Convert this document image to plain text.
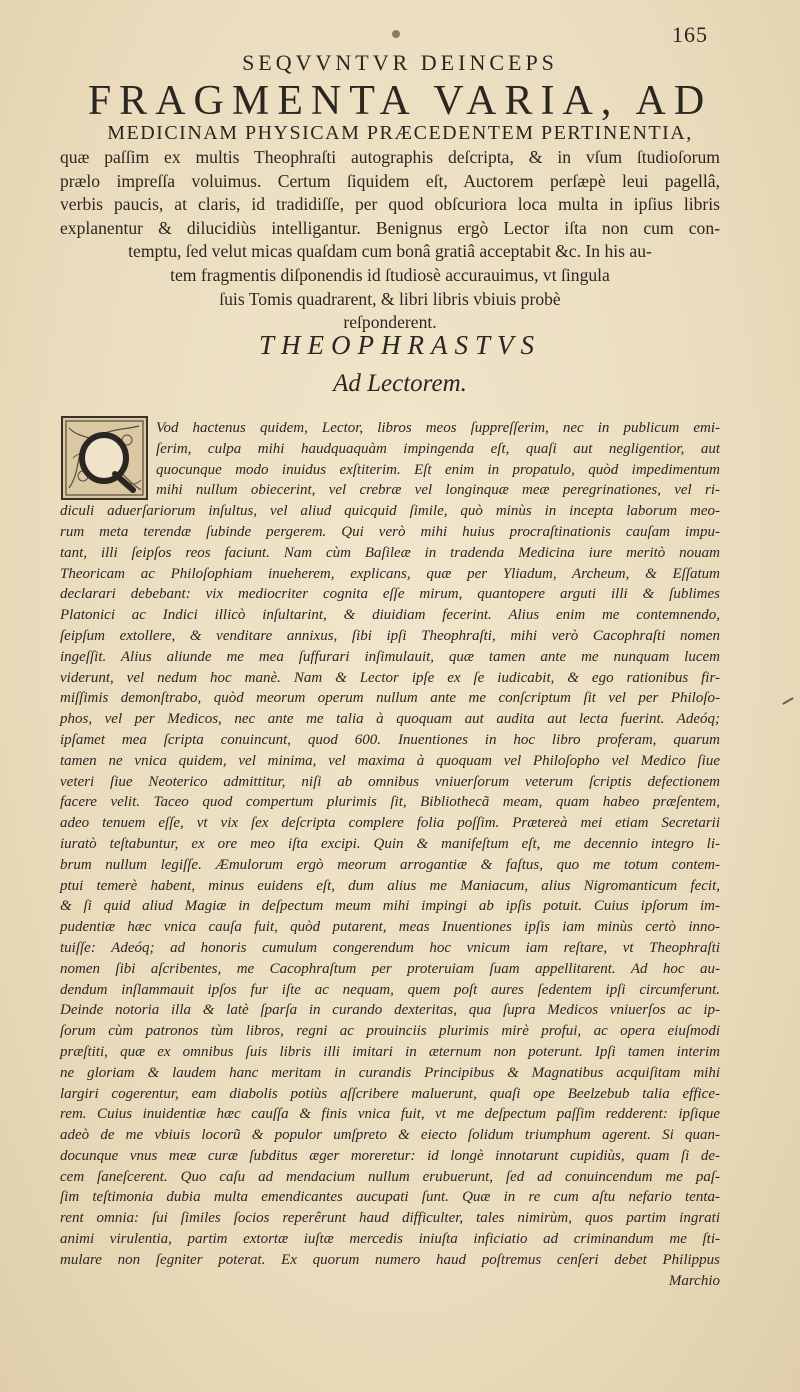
165
SEQVVNTVR DEINCEPS
FRAGMENTA VARIA, AD
MEDICINAM PHYSICAM PRÆCEDENTEM PERTINENTIA,
quæ paſſim ex multis Theophraſti autographis deſcripta, & in vſum ſtudioſorum
prælo impreſſa voluimus. Certum ſiquidem eſt, Auctorem perſæpè leui pagellâ,
verbis paucis, at claris, id tradidiſſe, per quod obſcuriora loca multa in ipſius libris
explanentur & dilucidiùs intelligantur. Benignus ergò Lector iſta non cum con-
temptu, ſed velut micas quaſdam cum bonâ gratiâ acceptabit &c. In his au-
tem fragmentis diſponendis id ſtudiosè accurauimus, vt ſingula
ſuis Tomis quadrarent, & libri libris vbiuis probè
reſponderent.
THEOPHRASTVS
Ad Lectorem.
Vod hactenus quidem, Lector, libros meos ſuppreſſerim, nec in publicum emi-
ſerim, culpa mihi haudquaquàm impingenda eſt, quaſi aut negligentior, aut
quocunque modo inuidus exſtiterim. Eſt enim in propatulo, quòd impedimentum
mihi nullum obiecerint, vel crebræ vel longinquæ meæ peregrinationes, vel ri-
diculi aduerſariorum inſultus, vel aliud quicquid ſimile, quò minùs in incepta laborum meo-
rum meta terendæ ſubinde pergerem. Qui verò mihi huius procraſtinationis cauſam impu-
tant, illi ſeipſos reos faciunt. Nam cùm Baſileæ in tradenda Medicina iure meritò nouam
Theoricam ac Philoſophiam inueherem, explicans, quæ per Yliadum, Archeum, & Eſſatum
declarari debebant: vix mediocriter cognita eſſe mirum, quantopere arguti illi & ſublimes
Platonici ac Indici illicò inſultarint, & diuidiam fecerint. Alius enim me contemnendo,
ſeipſum extollere, & venditare annixus, ſibi ipſi Theophraſti, mihi verò Cacophraſti nomen
ingeſſit. Alius aliunde me mea ſuffurari inſimulauit, quæ tamen ante me nunquam lucem
viderunt, vel nedum hoc manè. Nam & Lector ipſe ex ſe iudicabit, & ego rationibus fir-
miſſimis demonſtrabo, quòd meorum operum nullum ante me conſcriptum ſit vel per Philoſo-
phos, vel per Medicos, nec ante me talia à quoquam aut audita aut lecta fuerint. Adeóq;
ipſamet mea ſcripta conuincunt, quod 600. Inuentiones in hoc libro proferam, quarum
tamen ne vnica quidem, vel minima, vel maxima à quoquam vel Philoſopho vel Medico ſiue
veteri ſiue Neoterico admittitur, niſi ab omnibus vniuerſorum veterum ſcriptis defectionem
facere velit. Taceo quod compertum plurimis ſit, Bibliothecã meam, quam habeo præſentem,
adeo tenuem eſſe, vt vix ſex deſcripta complere folia poſſim. Prætereà mei etiam Secretarii
iuratò teſtabuntur, ex ore meo iſta excipi. Quin & manifeſtum eſt, me decennio integro li-
brum nullum legiſſe. Æmulorum ergò meorum arrogantiæ & faſtus, quo me totum contem-
ptui temerè habent, minus euidens eſt, dum alius me Maniacum, alius Nigromanticum fecit,
& ſi quid aliud Magiæ in deſpectum meum mihi impingi ab ipſis potuit. Cuius ipſorum im-
pudentiæ hæc vnica cauſa fuit, quòd putarent, meas Inuentiones ipſis iam minùs certò inno-
tuiſſe: Adeóq; ad honoris cumulum congerendum hoc vnicum iam reſtare, vt Theophraſti
nomen ſibi aſcribentes, me Cacophraſtum per proteruiam ſuam appellitarent. Ad hoc au-
dendum inſlammauit ipſos fur iſte ac nequam, quem poſt aures ſedentem ipſi circumferunt.
Deinde notoria illa & latè ſparſa in curando dexteritas, qua ſupra Medicos vniuerſos ac ip-
ſorum cùm patronos tùm libros, regni ac prouinciis plurimis mirè profui, ac opera eiuſmodi
præſtiti, quæ ex omnibus ſuis libris illi imitari in æternum non poterunt. Ipſi tamen interim
ne gloriam & laudem hanc meritam in curandis Principibus & Magnatibus acquiſitam mihi
largiri cogerentur, eam diabolis potiùs aſſcribere maluerunt, quaſi ope Beelzebub talia effice-
rem. Cuius inuidentiæ hæc cauſſa & finis vnica fuit, vt me deſpectum paſſim redderent: ipſique
adeò de me vbiuis locorũ & populor umſpreto & eiecto ſolidum triumphum agerent. Si quan-
docunque vnus meæ curæ ſubditus æger moreretur: id longè innotarunt cupidiùs, quam ſi de-
cem ſaneſcerent. Quo caſu ad mendacium nullum erubuerunt, ſed ad conuincendum me paſ-
ſim teſtimonia dubia multa emendicantes aucupati ſunt. Quæ in re cum aſtu nefario tenta-
rent omnia: ſui ſimiles ſocios reperêrunt haud difficulter, tales nimirùm, quos partim ingrati
animi virulentia, partim extortæ iuſtæ mercedis iniuſta inficiatio ad criminandum me ſti-
mulare non ſegniter poterat. Ex quorum numero haud poſtremus cenſeri debet Philippus
Marchio
